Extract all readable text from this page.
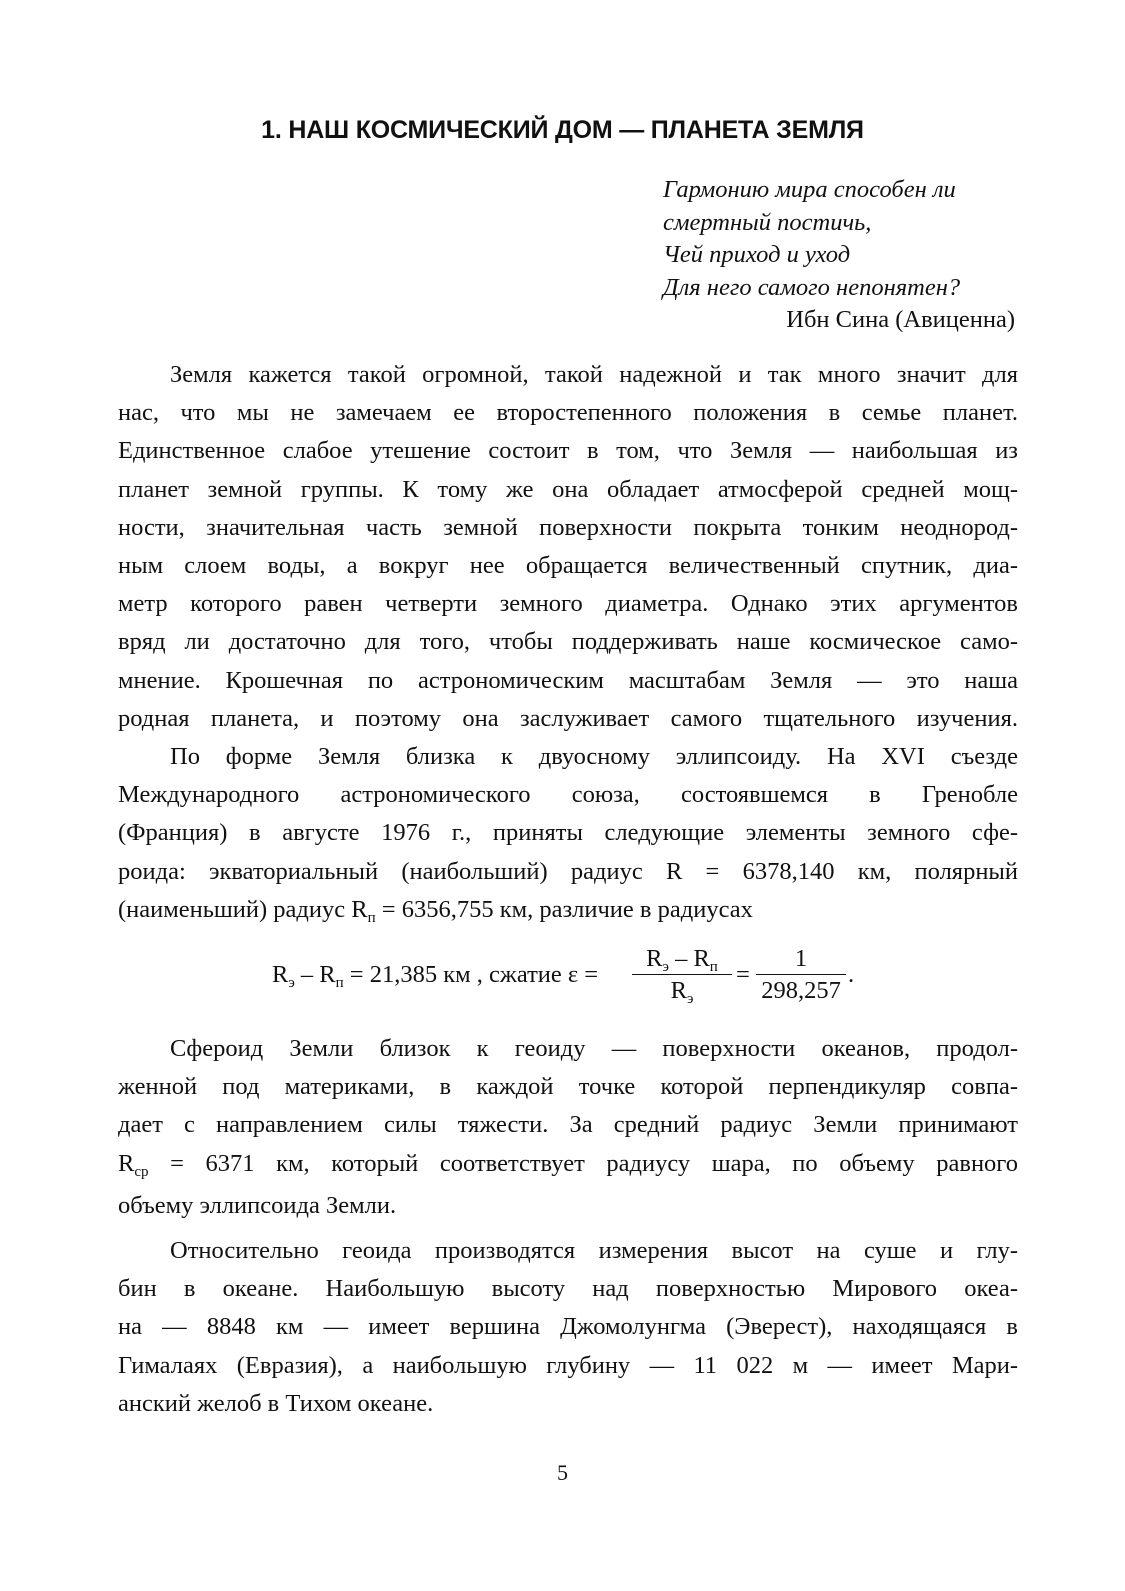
1. НАШ КОСМИЧЕСКИЙ ДОМ — ПЛАНЕТА ЗЕМЛЯ
Гармонию мира способен ли
смертный постичь,
Чей приход и уход
Для него самого непонятен?
Ибн Сина (Авиценна)
Земля кажется такой огромной, такой надежной и так много значит для
нас, что мы не замечаем ее второстепенного положения в семье планет.
Единственное слабое утешение состоит в том, что Земля — наибольшая из
планет земной группы. К тому же она обладает атмосферой средней мощ-
ности, значительная часть земной поверхности покрыта тонким неоднород-
ным слоем воды, а вокруг нее обращается величественный спутник, диа-
метр которого равен четверти земного диаметра. Однако этих аргументов
вряд ли достаточно для того, чтобы поддерживать наше космическое само-
мнение. Крошечная по астрономическим масштабам Земля — это наша
родная планета, и поэтому она заслуживает самого тщательного изучения.
По форме Земля близка к двуосному эллипсоиду. На XVI съезде
Международного астрономического союза, состоявшемся в Гренобле
(Франция) в августе 1976 г., приняты следующие элементы земного сфе-
роида: экваториальный (наибольший) радиус R = 6378,140 км, полярный
(наименьший) радиус $R_п = 6356,755$ км, различие в радиусах
$R_э - R_п = 21,385$ км , сжатие ε =
$R_э - R_п$
$R_э$
=
1
298,257
.
Сфероид Земли близок к геоиду — поверхности океанов, продол-
женной под материками, в каждой точке которой перпендикуляр совпа-
дает с направлением силы тяжести. За средний радиус Земли принимают
$R_{ср} = 6371$ км, который соответствует радиусу шара, по объему равного
объему эллипсоида Земли.
Относительно геоида производятся измерения высот на суше и глу-
бин в океане. Наибольшую высоту над поверхностью Мирового океа-
на — 8848 км — имеет вершина Джомолунгма (Эверест), находящаяся в
Гималаях (Евразия), а наибольшую глубину — 11 022 м — имеет Мари-
анский желоб в Тихом океане.
5
